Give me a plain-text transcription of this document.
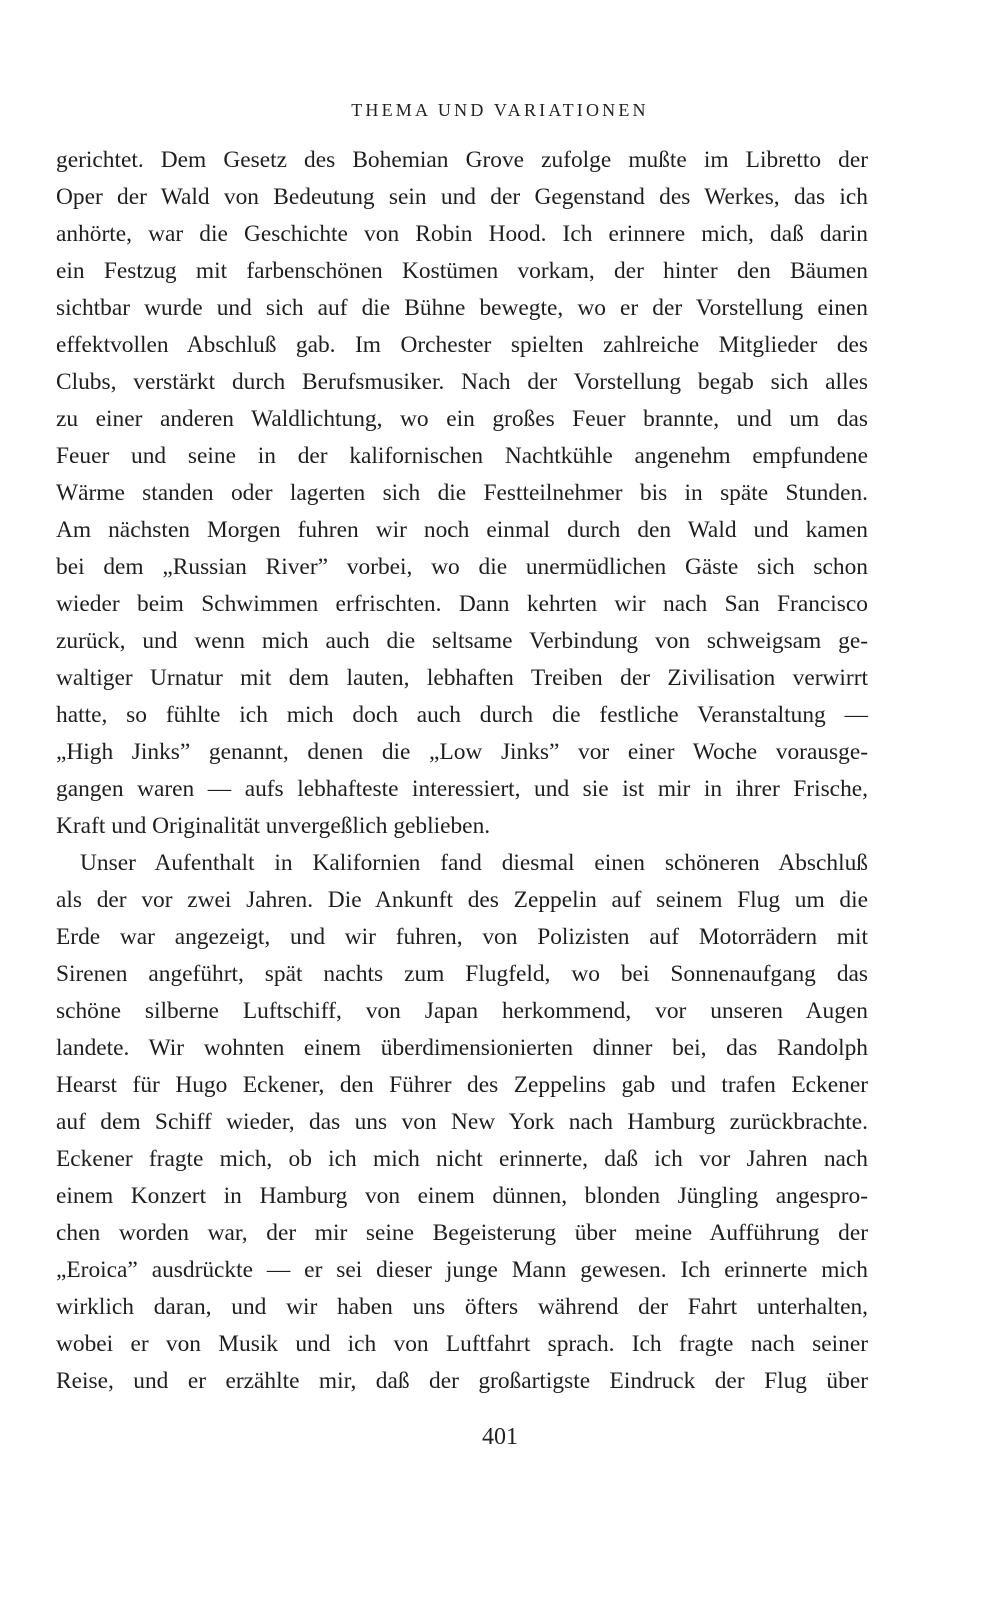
THEMA UND VARIATIONEN
gerichtet. Dem Gesetz des Bohemian Grove zufolge mußte im Libretto der
Oper der Wald von Bedeutung sein und der Gegenstand des Werkes, das ich
anhörte, war die Geschichte von Robin Hood. Ich erinnere mich, daß darin
ein Festzug mit farbenschönen Kostümen vorkam, der hinter den Bäumen
sichtbar wurde und sich auf die Bühne bewegte, wo er der Vorstellung einen
effektvollen Abschluß gab. Im Orchester spielten zahlreiche Mitglieder des
Clubs, verstärkt durch Berufsmusiker. Nach der Vorstellung begab sich alles
zu einer anderen Waldlichtung, wo ein großes Feuer brannte, und um das
Feuer und seine in der kalifornischen Nachtkühle angenehm empfundene
Wärme standen oder lagerten sich die Festteilnehmer bis in späte Stunden.
Am nächsten Morgen fuhren wir noch einmal durch den Wald und kamen
bei dem „Russian River” vorbei, wo die unermüdlichen Gäste sich schon
wieder beim Schwimmen erfrischten. Dann kehrten wir nach San Francisco
zurück, und wenn mich auch die seltsame Verbindung von schweigsam ge-
waltiger Urnatur mit dem lauten, lebhaften Treiben der Zivilisation verwirrt
hatte, so fühlte ich mich doch auch durch die festliche Veranstaltung —
„High Jinks” genannt, denen die „Low Jinks” vor einer Woche vorausge-
gangen waren — aufs lebhafteste interessiert, und sie ist mir in ihrer Frische,
Kraft und Originalität unvergeßlich geblieben.
Unser Aufenthalt in Kalifornien fand diesmal einen schöneren Abschluß
als der vor zwei Jahren. Die Ankunft des Zeppelin auf seinem Flug um die
Erde war angezeigt, und wir fuhren, von Polizisten auf Motorrädern mit
Sirenen angeführt, spät nachts zum Flugfeld, wo bei Sonnenaufgang das
schöne silberne Luftschiff, von Japan herkommend, vor unseren Augen
landete. Wir wohnten einem überdimensionierten dinner bei, das Randolph
Hearst für Hugo Eckener, den Führer des Zeppelins gab und trafen Eckener
auf dem Schiff wieder, das uns von New York nach Hamburg zurückbrachte.
Eckener fragte mich, ob ich mich nicht erinnerte, daß ich vor Jahren nach
einem Konzert in Hamburg von einem dünnen, blonden Jüngling angespro-
chen worden war, der mir seine Begeisterung über meine Aufführung der
„Eroica” ausdrückte — er sei dieser junge Mann gewesen. Ich erinnerte mich
wirklich daran, und wir haben uns öfters während der Fahrt unterhalten,
wobei er von Musik und ich von Luftfahrt sprach. Ich fragte nach seiner
Reise, und er erzählte mir, daß der großartigste Eindruck der Flug über
401
